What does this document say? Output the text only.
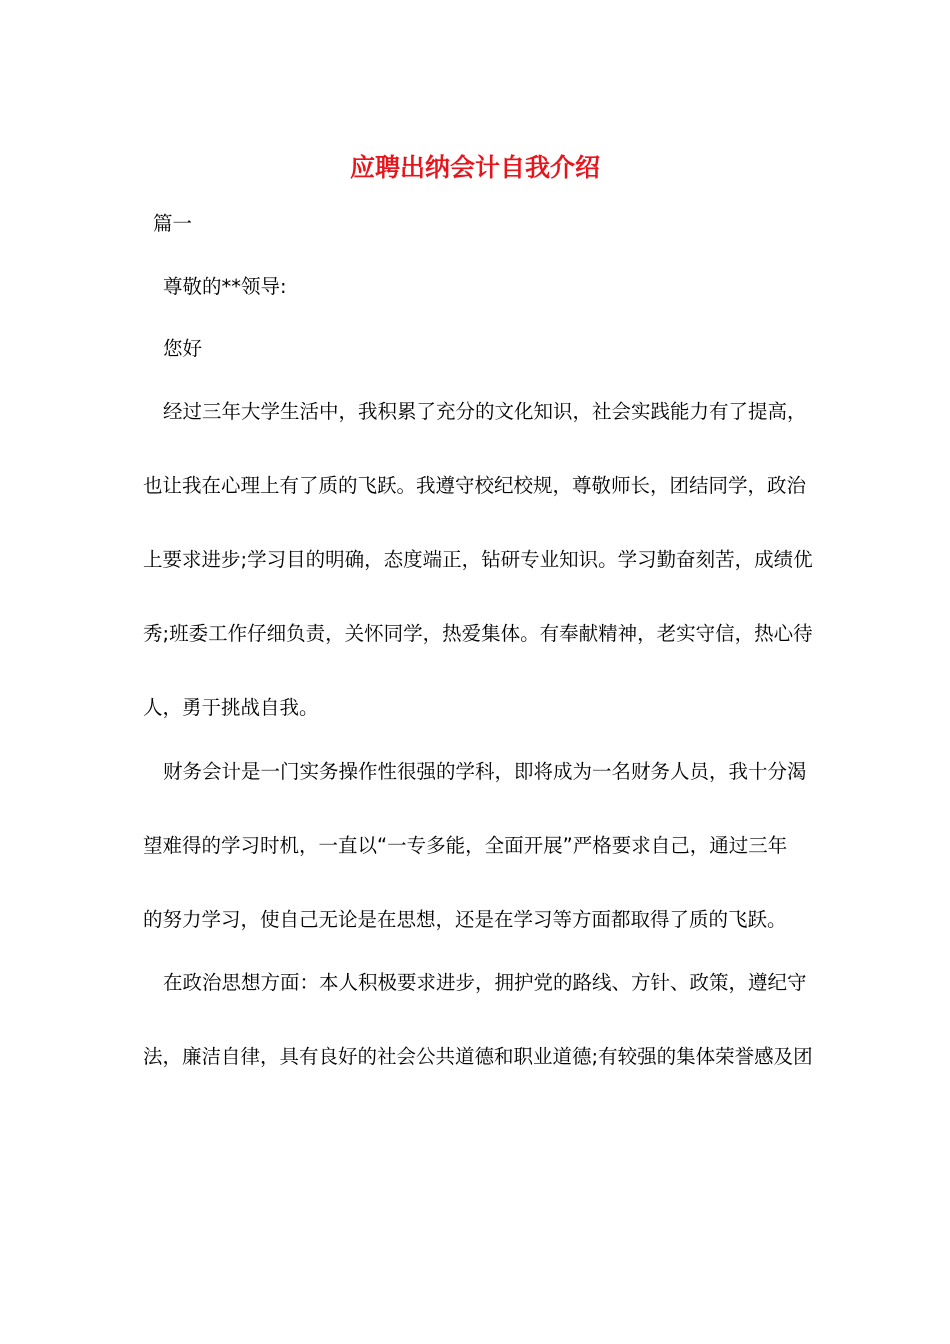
应聘出纳会计自我介绍

篇一

尊敬的**领导:

您好

经过三年大学生活中，我积累了充分的文化知识，社会实践能力有了提高，

也让我在心理上有了质的飞跃。我遵守校纪校规，尊敬师长，团结同学，政治

上要求进步;学习目的明确，态度端正，钻研专业知识。学习勤奋刻苦，成绩优

秀;班委工作仔细负责，关怀同学，热爱集体。有奉献精神，老实守信，热心待

人，勇于挑战自我。

财务会计是一门实务操作性很强的学科，即将成为一名财务人员，我十分渴

望难得的学习时机，一直以“一专多能，全面开展”严格要求自己，通过三年

的努力学习，使自己无论是在思想，还是在学习等方面都取得了质的飞跃。

在政治思想方面：本人积极要求进步，拥护党的路线、方针、政策，遵纪守

法，廉洁自律，具有良好的社会公共道德和职业道德;有较强的集体荣誉感及团
